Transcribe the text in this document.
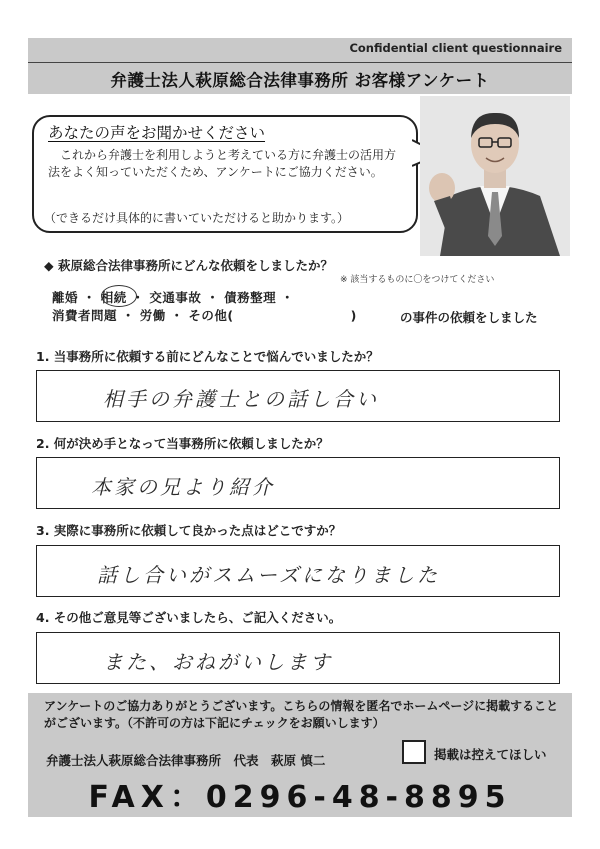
Confidential client questionnaire
弁護士法人萩原総合法律事務所 お客様アンケート
あなたの声をお聞かせください
これから弁護士を利用しようと考えている方に弁護士の活用方法をよく知っていただくため、アンケートにご協力ください。
（できるだけ具体的に書いていただけると助かります。）
◆ 萩原総合法律事務所にどんな依頼をしましたか？
※ 該当するものに〇をつけてください
離婚 ・ 相続 ・ 交通事故 ・ 債務整理 ・
消費者問題 ・ 労働 ・ その他(　　　　　　　　　)	の事件の依頼をしました
1. 当事務所に依頼する前にどんなことで悩んでいましたか？
相手の弁護士との話し合い
2. 何が決め手となって当事務所に依頼しましたか？
本家の兄より紹介
3. 実際に事務所に依頼して良かった点はどこですか？
話し合いがスムーズになりました
4. その他ご意見等ございましたら、ご記入ください。
また、おねがいします
アンケートのご協力ありがとうございます。こちらの情報を匿名でホームページに掲載することがございます。（不許可の方は下記にチェックをお願いします）
弁護士法人萩原総合法律事務所　代表　萩原 慎二	掲載は控えてほしい
FAX：0296-48-8895
